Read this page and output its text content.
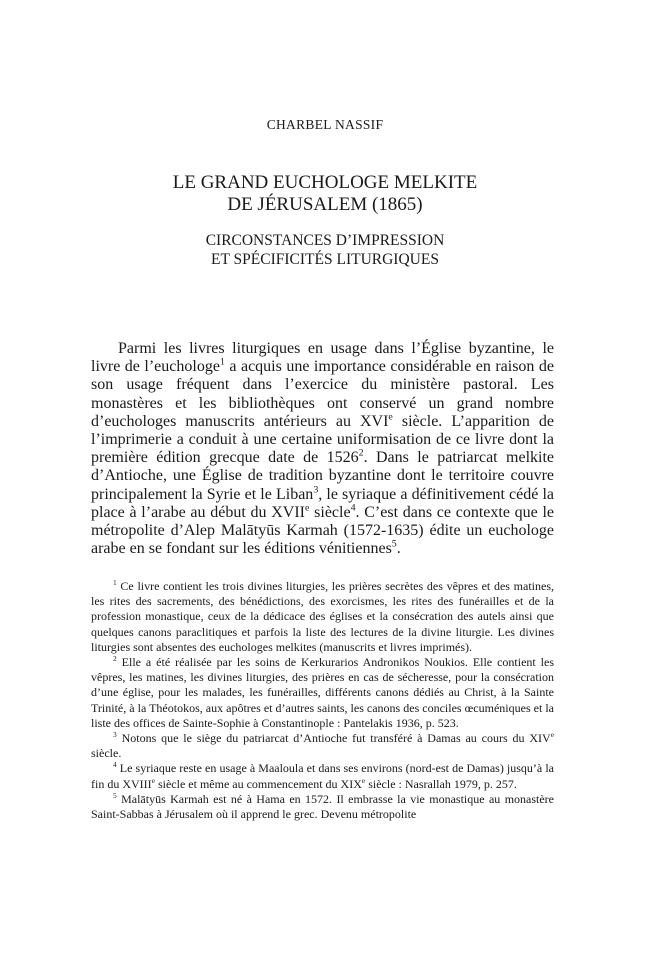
CHARBEL NASSIF
LE GRAND EUCHOLOGE MELKITE
DE JÉRUSALEM (1865)
CIRCONSTANCES D’IMPRESSION
ET SPÉCIFICITÉS LITURGIQUES

Parmi les livres liturgiques en usage dans l’Église byzantine, le livre de l’euchologe$^1$ a acquis une importance considérable en raison de son usage fréquent dans l’exercice du ministère pastoral. Les monastères et les bibliothèques ont conservé un grand nombre d’euchologes manuscrits antérieurs au XVIe siècle. L’apparition de l’imprimerie a conduit à une certaine uniformisation de ce livre dont la première édition grecque date de 1526$^2$. Dans le patriarcat melkite d’Antioche, une Église de tradition byzantine dont le territoire couvre principalement la Syrie et le Liban$^3$, le syriaque a définitivement cédé la place à l’arabe au début du XVIIe siècle$^4$. C’est dans ce contexte que le métropolite d’Alep Malātyūs Karmah (1572-1635) édite un euchologe arabe en se fondant sur les éditions vénitiennes$^5$.

$^1$ Ce livre contient les trois divines liturgies, les prières secrètes des vêpres et des matines, les rites des sacrements, des bénédictions, des exorcismes, les rites des funérailles et de la profession monastique, ceux de la dédicace des églises et la consécration des autels ainsi que quelques canons paraclitiques et parfois la liste des lectures de la divine liturgie. Les divines liturgies sont absentes des euchologes melkites (manuscrits et livres imprimés).

$^2$ Elle a été réalisée par les soins de Kerkurarios Andronikos Noukios. Elle contient les vêpres, les matines, les divines liturgies, des prières en cas de sécheresse, pour la consécration d’une église, pour les malades, les funérailles, différents canons dédiés au Christ, à la Sainte Trinité, à la Théotokos, aux apôtres et d’autres saints, les canons des conciles œcuméniques et la liste des offices de Sainte-Sophie à Constantinople : Pantelakis 1936, p. 523.

$^3$ Notons que le siège du patriarcat d’Antioche fut transféré à Damas au cours du XIVe siècle.

$^4$ Le syriaque reste en usage à Maaloula et dans ses environs (nord-est de Damas) jusqu’à la fin du XVIIIe siècle et même au commencement du XIXe siècle : Nasrallah 1979, p. 257.

$^5$ Malātyūs Karmah est né à Hama en 1572. Il embrasse la vie monastique au monastère Saint-Sabbas à Jérusalem où il apprend le grec. Devenu métropolite
